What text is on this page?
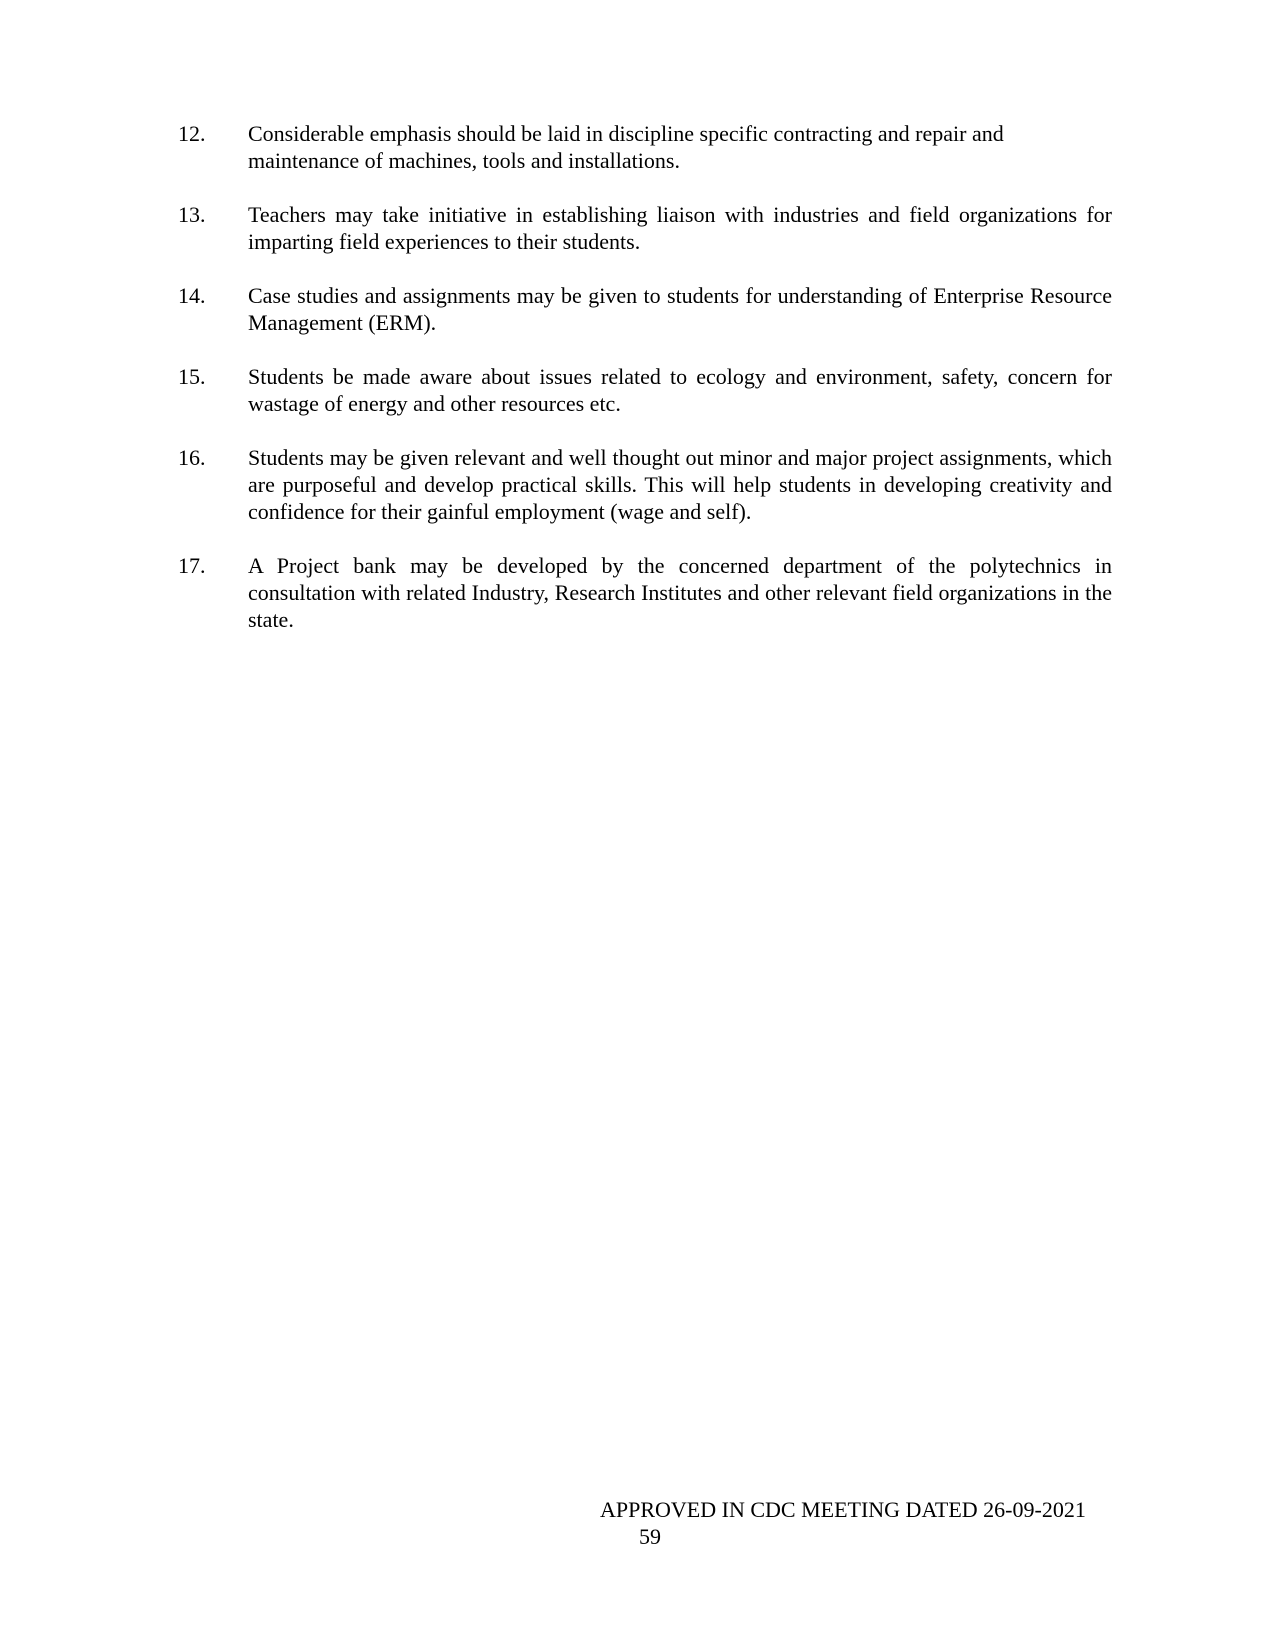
12.	Considerable emphasis should be laid in discipline specific contracting and repair and maintenance of machines, tools and installations.
13.	Teachers may take initiative in establishing liaison with industries and field organizations for imparting field experiences to their students.
14.	Case studies and assignments may be given to students for understanding of Enterprise Resource Management (ERM).
15.	Students be made aware about issues related to ecology and environment, safety, concern for wastage of energy and other resources etc.
16.	Students may be given relevant and well thought out minor and major project assignments, which are purposeful and develop practical skills. This will help students in developing creativity and confidence for their gainful employment (wage and self).
17.	A Project bank may be developed by the concerned department of the polytechnics in consultation with related Industry, Research Institutes and other relevant field organizations in the state.
APPROVED IN CDC MEETING DATED 26-09-2021
59
